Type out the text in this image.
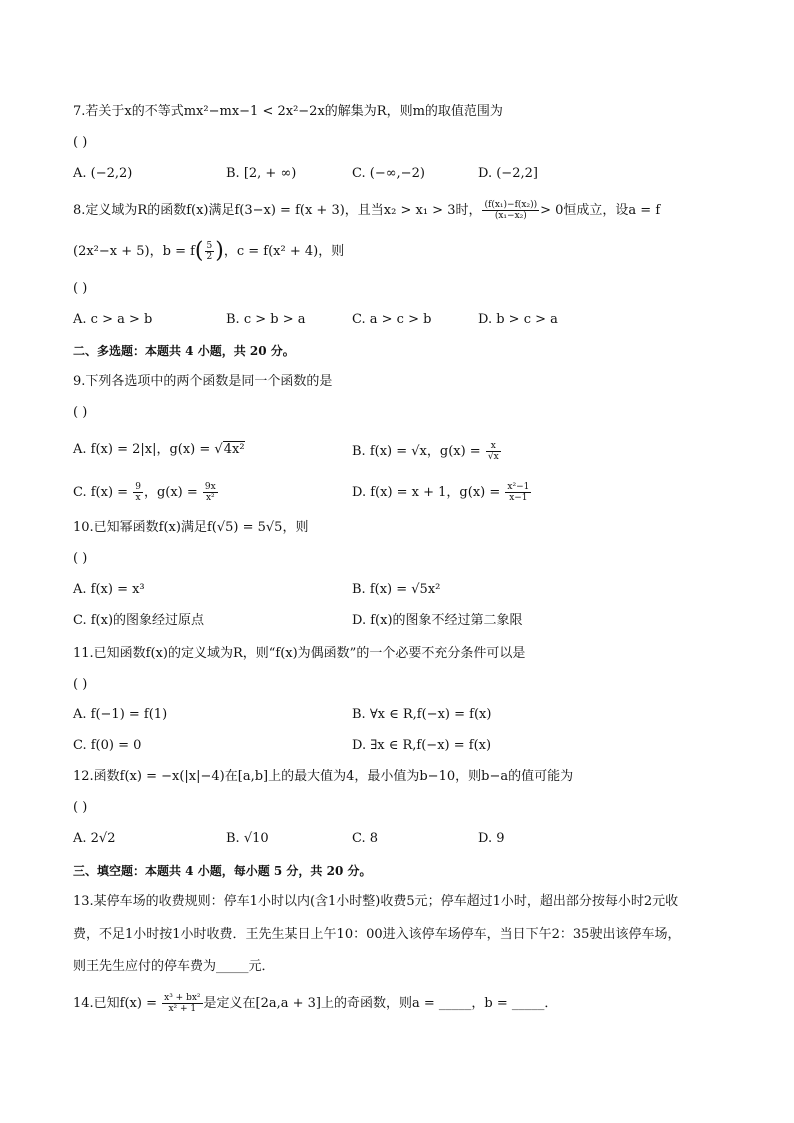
7.若关于x的不等式mx²−mx−1 < 2x²−2x的解集为R，则m的取值范围为
( )
A. (−2,2)	B. [2, + ∞)	C. (−∞,−2)	D. (−2,2]
8.定义域为R的函数f(x)满足f(3−x) = f(x + 3)，且当x₂ > x₁ > 3时， $\frac{\text{(f(x₁)−f(x₂))}}{\text{(x₁−x₂)}} > 0$恒成立，设a = f
(2x²−x + 5)，$b = f( \frac{5}{2}$ )，c = f(x² + 4)，则
( )
A. c > a > b	B. c > b > a	C. a > c > b	D. b > c > a
二、多选题：本题共 4 小题，共 20 分。
9.下列各选项中的两个函数是同一个函数的是
( )
A. f(x) = 2|x|，g(x) = √4x²	B. f(x) = √x，$g(x) = \frac{x}{√x}$
C. $f(x) = \frac{9}{x}$ ，$g(x) = \frac{9x}{\text{x²}}$	D. f(x) = x + 1，$g(x) = \frac{\text{x²−1}}{x-1}$
10.已知幂函数f(x)满足f(√5) = 5√5，则
( )
A. f(x) = x³	B. f(x) = √5x²
C. f(x)的图象经过原点	D. f(x)的图象不经过第二象限
11.已知函数f(x)的定义域为R，则“f(x)为偶函数”的一个必要不充分条件可以是
( )
A. f(−1) = f(1)	B. ∀x ∈ R,f(−x) = f(x)
C. f(0) = 0	D. ∃x ∈ R,f(−x) = f(x)
12.函数f(x) = −x(|x|−4)在[a,b]上的最大值为4，最小值为b−10，则b−a的值可能为
( )
A. 2√2	B. √10	C. 8	D. 9
三、填空题：本题共 4 小题，每小题 5 分，共 20 分。
13.某停车场的收费规则：停车1小时以内(含1小时整)收费5元；停车超过1小时，超出部分按每小时2元收
费，不足1小时按1小时收费．王先生某日上午10：00进入该停车场停车，当日下午2：35驶出该停车场，
则王先生应付的停车费为_____元．
14.已知$f(x) = \frac{\text{x³ + bx²}}{\text{x² + 1}}$ 是定义在[2a,a + 3]上的奇函数，则a = _____，b = _____．
